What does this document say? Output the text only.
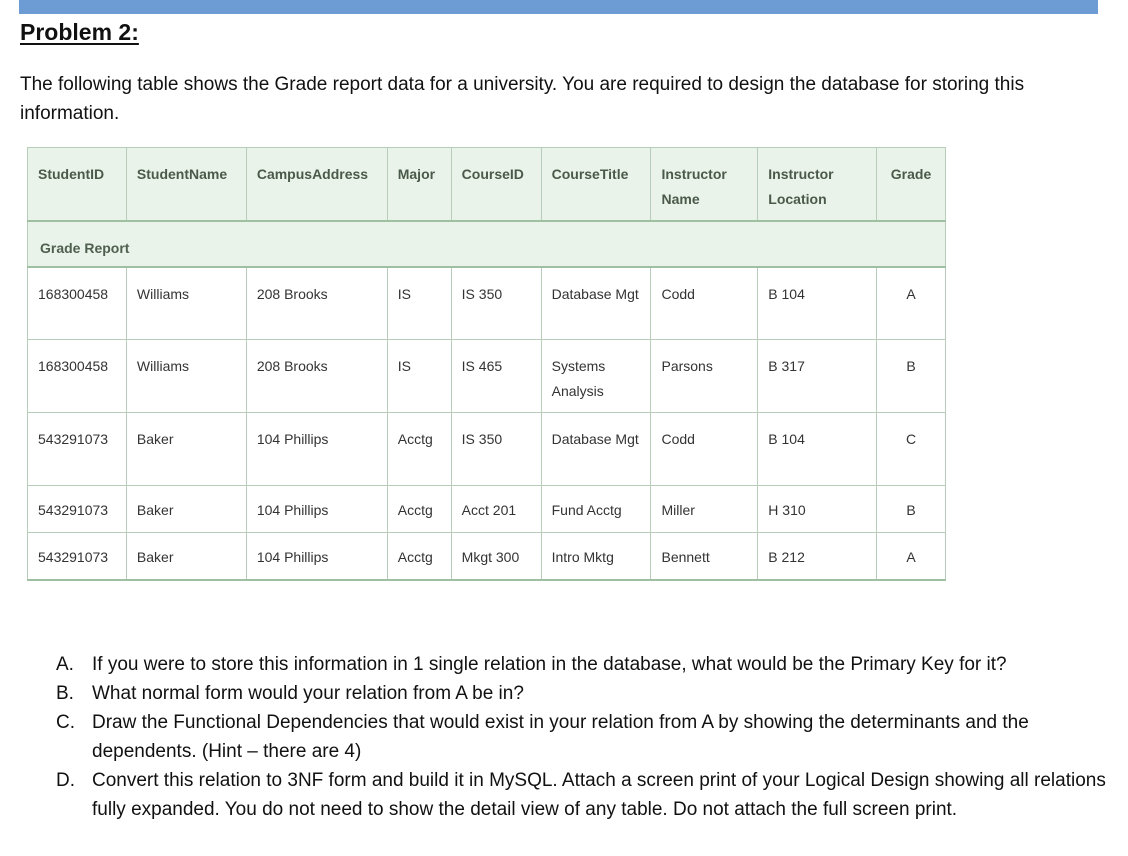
Problem 2:

The following table shows the Grade report data for a university. You are required to design the database for storing this information.

Grade Report								
StudentID	StudentName	CampusAddress	Major	CourseID	CourseTitle	Instructor Name	Instructor Location	Grade
168300458	Williams	208 Brooks	IS	IS 350	Database Mgt	Codd	B 104	A
168300458	Williams	208 Brooks	IS	IS 465	Systems Analysis	Parsons	B 317	B
543291073	Baker	104 Phillips	Acctg	IS 350	Database Mgt	Codd	B 104	C
543291073	Baker	104 Phillips	Acctg	Acct 201	Fund Acctg	Miller	H 310	B
543291073	Baker	104 Phillips	Acctg	Mkgt 300	Intro Mktg	Bennett	B 212	A
A. If you were to store this information in 1 single relation in the database, what would be the Primary Key for it?
B. What normal form would your relation from A be in?
C. Draw the Functional Dependencies that would exist in your relation from A by showing the determinants and the dependents. (Hint – there are 4)
D. Convert this relation to 3NF form and build it in MySQL. Attach a screen print of your Logical Design showing all relations fully expanded. You do not need to show the detail view of any table. Do not attach the full screen print.
